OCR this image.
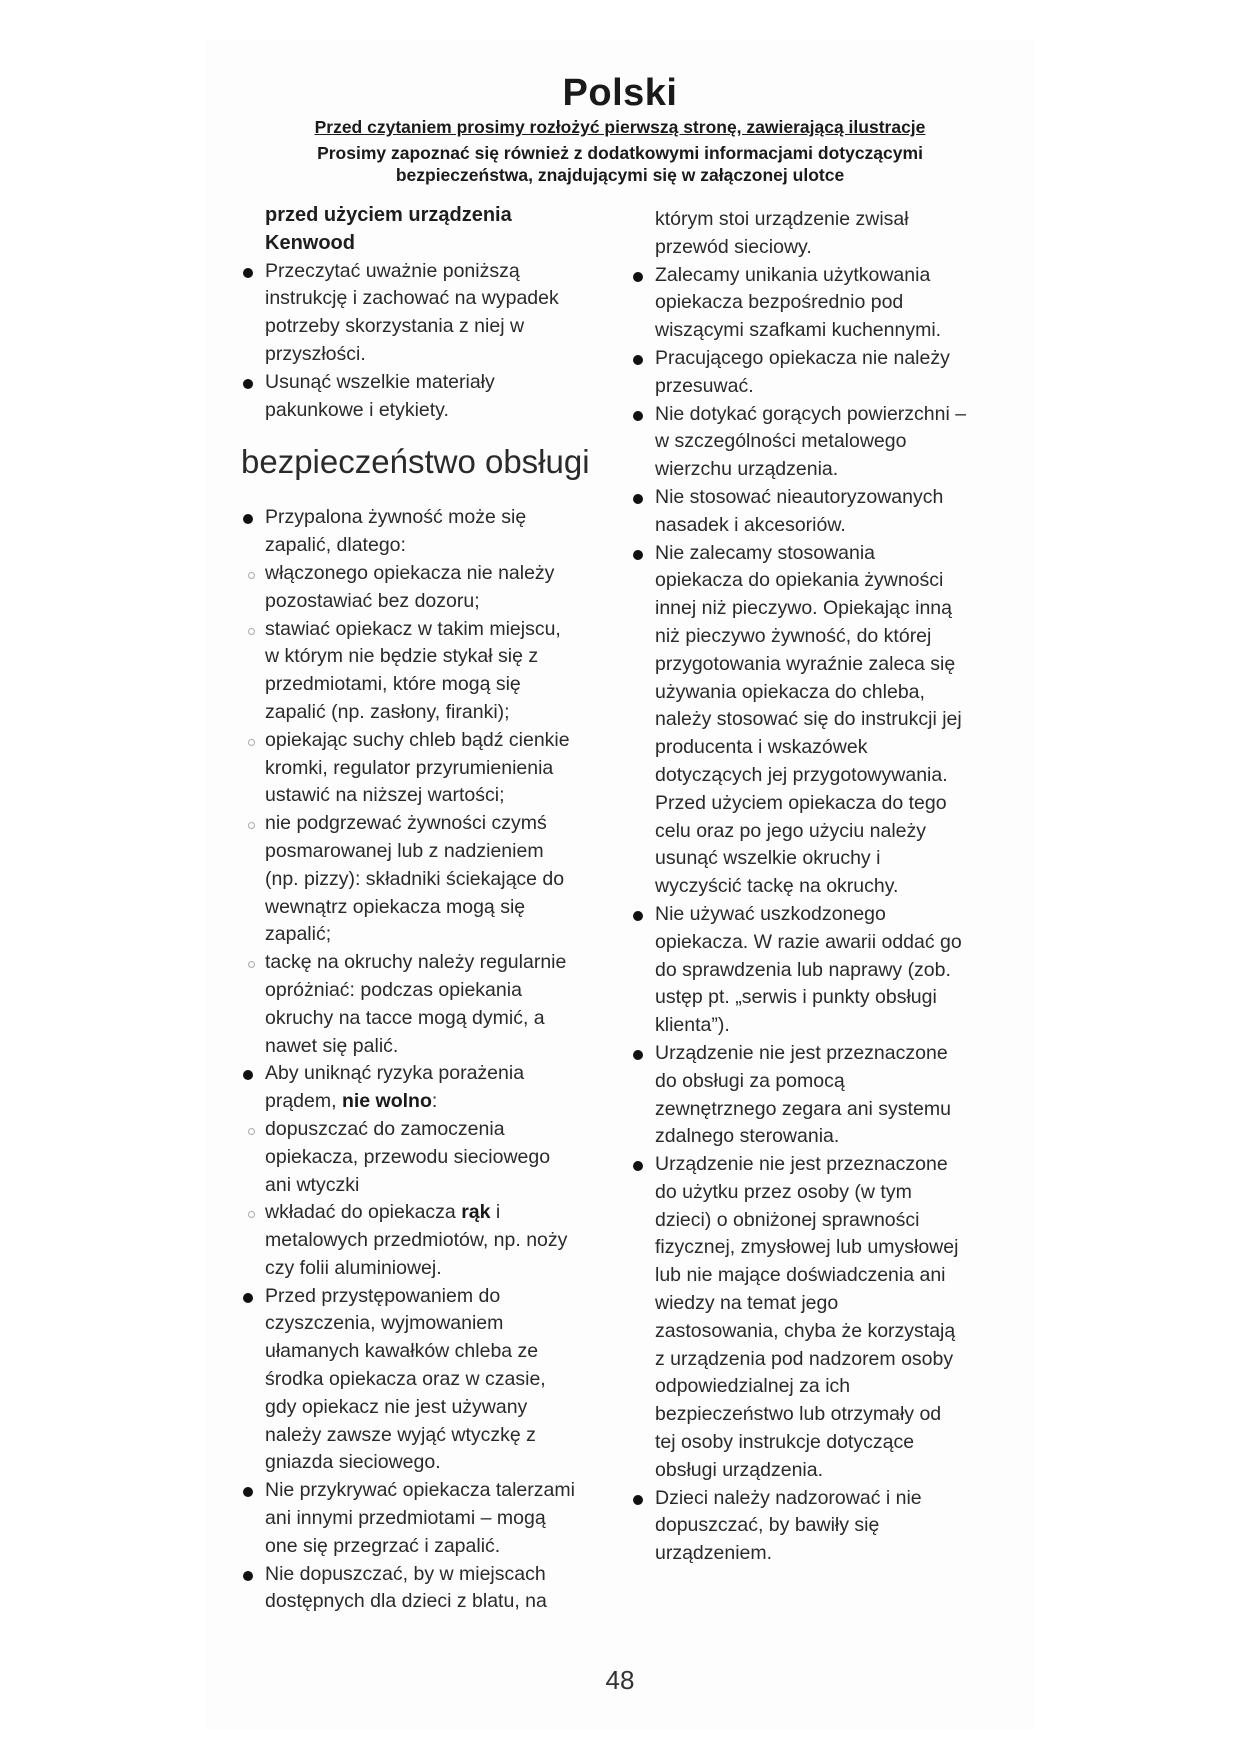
Polski
Przed czytaniem prosimy rozłożyć pierwszą stronę, zawierającą ilustracje
Prosimy zapoznać się również z dodatkowymi informacjami dotyczącymi
bezpieczeństwa, znajdującymi się w załączonej ulotce
przed użyciem urządzenia
Kenwood
Przeczytać uważnie poniższą
instrukcję i zachować na wypadek
potrzeby skorzystania z niej w
przyszłości.
Usunąć wszelkie materiały
pakunkowe i etykiety.
bezpieczeństwo obsługi
Przypalona żywność może się
zapalić, dlatego:
włączonego opiekacza nie należy
pozostawiać bez dozoru;
stawiać opiekacz w takim miejscu,
w którym nie będzie stykał się z
przedmiotami, które mogą się
zapalić (np. zasłony, firanki);
opiekając suchy chleb bądź cienkie
kromki, regulator przyrumienienia
ustawić na niższej wartości;
nie podgrzewać żywności czymś
posmarowanej lub z nadzieniem
(np. pizzy): składniki ściekające do
wewnątrz opiekacza mogą się
zapalić;
tackę na okruchy należy regularnie
opróżniać: podczas opiekania
okruchy na tacce mogą dymić, a
nawet się palić.
Aby uniknąć ryzyka porażenia
prądem, nie wolno:
dopuszczać do zamoczenia
opiekacza, przewodu sieciowego
ani wtyczki
wkładać do opiekacza rąk i
metalowych przedmiotów, np. noży
czy folii aluminiowej.
Przed przystępowaniem do
czyszczenia, wyjmowaniem
ułamanych kawałków chleba ze
środka opiekacza oraz w czasie,
gdy opiekacz nie jest używany
należy zawsze wyjąć wtyczkę z
gniazda sieciowego.
Nie przykrywać opiekacza talerzami
ani innymi przedmiotami – mogą
one się przegrzać i zapalić.
Nie dopuszczać, by w miejscach
dostępnych dla dzieci z blatu, na
którym stoi urządzenie zwisał
przewód sieciowy.
Zalecamy unikania użytkowania
opiekacza bezpośrednio pod
wiszącymi szafkami kuchennymi.
Pracującego opiekacza nie należy
przesuwać.
Nie dotykać gorących powierzchni –
w szczególności metalowego
wierzchu urządzenia.
Nie stosować nieautoryzowanych
nasadek i akcesoriów.
Nie zalecamy stosowania
opiekacza do opiekania żywności
innej niż pieczywo. Opiekając inną
niż pieczywo żywność, do której
przygotowania wyraźnie zaleca się
używania opiekacza do chleba,
należy stosować się do instrukcji jej
producenta i wskazówek
dotyczących jej przygotowywania.
Przed użyciem opiekacza do tego
celu oraz po jego użyciu należy
usunąć wszelkie okruchy i
wyczyścić tackę na okruchy.
Nie używać uszkodzonego
opiekacza. W razie awarii oddać go
do sprawdzenia lub naprawy (zob.
ustęp pt. „serwis i punkty obsługi
klienta”).
Urządzenie nie jest przeznaczone
do obsługi za pomocą
zewnętrznego zegara ani systemu
zdalnego sterowania.
Urządzenie nie jest przeznaczone
do użytku przez osoby (w tym
dzieci) o obniżonej sprawności
fizycznej, zmysłowej lub umysłowej
lub nie mające doświadczenia ani
wiedzy na temat jego
zastosowania, chyba że korzystają
z urządzenia pod nadzorem osoby
odpowiedzialnej za ich
bezpieczeństwo lub otrzymały od
tej osoby instrukcje dotyczące
obsługi urządzenia.
Dzieci należy nadzorować i nie
dopuszczać, by bawiły się
urządzeniem.
48
